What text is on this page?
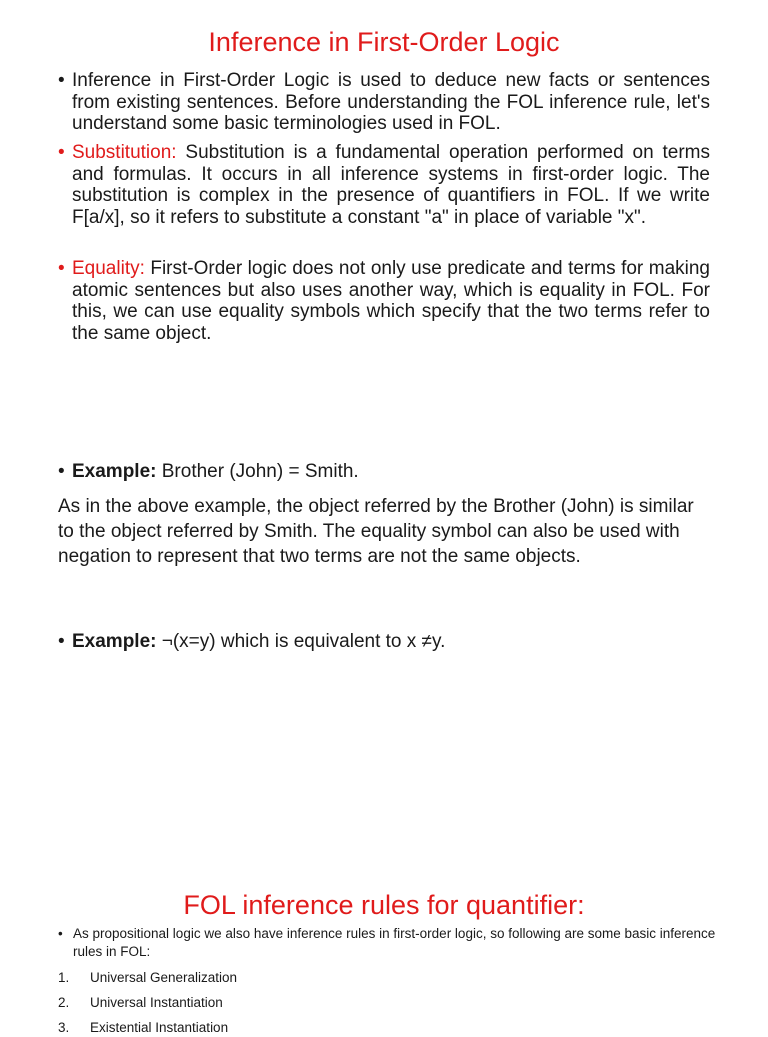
Inference in First-Order Logic
• Inference in First-Order Logic is used to deduce new facts or sentences from existing sentences. Before understanding the FOL inference rule, let's understand some basic terminologies used in FOL.
• Substitution: Substitution is a fundamental operation performed on terms and formulas. It occurs in all inference systems in first-order logic. The substitution is complex in the presence of quantifiers in FOL. If we write F[a/x], so it refers to substitute a constant "a" in place of variable "x".
• Equality: First-Order logic does not only use predicate and terms for making atomic sentences but also uses another way, which is equality in FOL. For this, we can use equality symbols which specify that the two terms refer to the same object.
• Example: Brother (John) = Smith.

As in the above example, the object referred by the Brother (John) is similar to the object referred by Smith. The equality symbol can also be used with negation to represent that two terms are not the same objects.

• Example: ¬(x=y) which is equivalent to x ≠y.
FOL inference rules for quantifier:
• As propositional logic we also have inference rules in first-order logic, so following are some basic inference rules in FOL:
1. Universal Generalization
2. Universal Instantiation
3. Existential Instantiation
